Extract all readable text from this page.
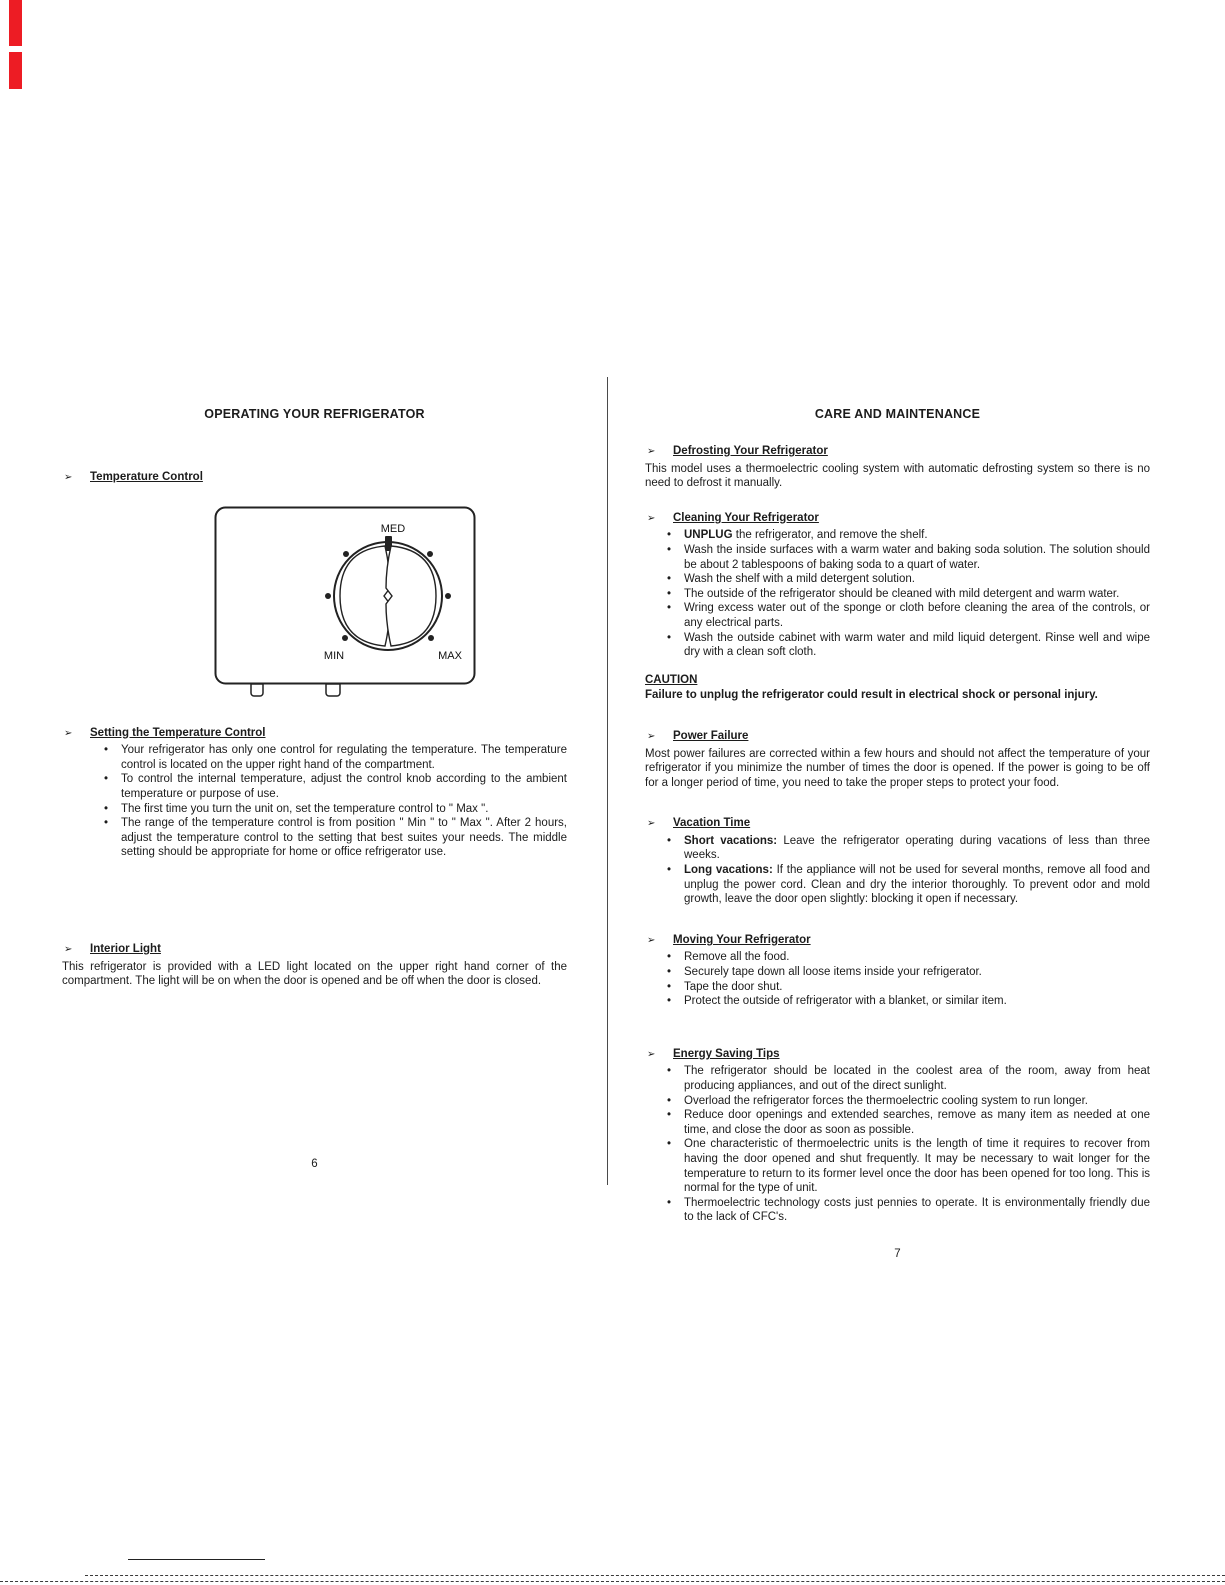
OPERATING YOUR REFRIGERATOR
➢ Temperature Control
MED
MIN	MAX
➢ Setting the Temperature Control
• Your refrigerator has only one control for regulating the temperature. The temperature control is located on the upper right hand of the compartment.
• To control the internal temperature, adjust the control knob according to the ambient temperature or purpose of use.
• The first time you turn the unit on, set the temperature control to " Max ".
• The range of the temperature control is from position " Min " to " Max ". After 2 hours, adjust the temperature control to the setting that best suites your needs. The middle setting should be appropriate for home or office refrigerator use.
➢ Interior Light

This refrigerator is provided with a LED light located on the upper right hand corner of the compartment. The light will be on when the door is opened and be off when the door is closed.

6
CARE AND MAINTENANCE
➢ Defrosting Your Refrigerator

This model uses a thermoelectric cooling system with automatic defrosting system so there is no need to defrost it manually.

➢ Cleaning Your Refrigerator
• UNPLUG the refrigerator, and remove the shelf.
• Wash the inside surfaces with a warm water and baking soda solution. The solution should be about 2 tablespoons of baking soda to a quart of water.
• Wash the shelf with a mild detergent solution.
• The outside of the refrigerator should be cleaned with mild detergent and warm water.
• Wring excess water out of the sponge or cloth before cleaning the area of the controls, or any electrical parts.
• Wash the outside cabinet with warm water and mild liquid detergent. Rinse well and wipe dry with a clean soft cloth.
CAUTION

Failure to unplug the refrigerator could result in electrical shock or personal injury.

➢ Power Failure

Most power failures are corrected within a few hours and should not affect the temperature of your refrigerator if you minimize the number of times the door is opened. If the power is going to be off for a longer period of time, you need to take the proper steps to protect your food.

➢ Vacation Time
• Short vacations: Leave the refrigerator operating during vacations of less than three weeks.
• Long vacations: If the appliance will not be used for several months, remove all food and unplug the power cord. Clean and dry the interior thoroughly. To prevent odor and mold growth, leave the door open slightly: blocking it open if necessary.
➢ Moving Your Refrigerator
• Remove all the food.
• Securely tape down all loose items inside your refrigerator.
• Tape the door shut.
• Protect the outside of refrigerator with a blanket, or similar item.
➢ Energy Saving Tips
• The refrigerator should be located in the coolest area of the room, away from heat producing appliances, and out of the direct sunlight.
• Overload the refrigerator forces the thermoelectric cooling system to run longer.
• Reduce door openings and extended searches, remove as many item as needed at one time, and close the door as soon as possible.
• One characteristic of thermoelectric units is the length of time it requires to recover from having the door opened and shut frequently. It may be necessary to wait longer for the temperature to return to its former level once the door has been opened for too long. This is normal for the type of unit.
• Thermoelectric technology costs just pennies to operate. It is environmentally friendly due to the lack of CFC's.
7
